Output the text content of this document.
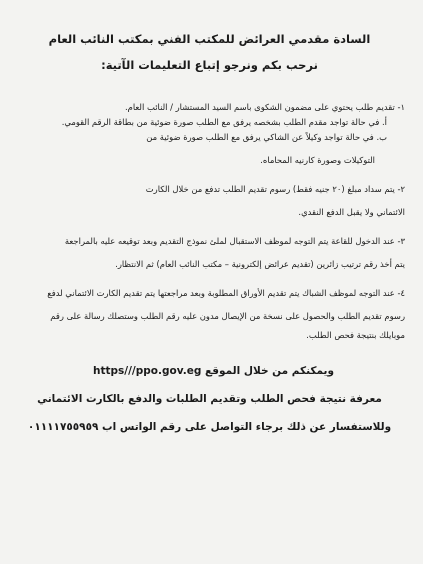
السادة مقدمي العرائض للمكتب الفني بمكتب النائب العام
نرحب بكم ونرجو إتباع التعليمات الآتية:

١- تقديم طلب يحتوي على مضمون الشكوى باسم السيد المستشار / النائب العام.

أ. في حالة تواجد مقدم الطلب بشخصه يرفق مع الطلب صورة ضوئية من بطاقة الرقم القومي.

ب. في حالة تواجد وكيلاً عن الشاكي يرفق مع الطلب صورة ضوئية من

التوكيلات وصورة كارنيه المحاماه.

٢- يتم سداد مبلغ (٢٠ جنيه فقط) رسوم تقديم الطلب تدفع من خلال الكارت

الائتماني ولا يقبل الدفع النقدي.

٣- عند الدخول للقاعة يتم التوجه لموظف الاستقبال لملئ نموذج التقديم وبعد توقيعه عليه بالمراجعة

يتم أخذ رقم ترتيب زائرين (تقديم عرائض إلكترونية – مكتب النائب العام) ثم الانتظار.

٤- عند التوجه لموظف الشباك يتم تقديم الأوراق المطلوبة وبعد مراجعتها يتم تقديم الكارت الائتماني لدفع

رسوم تقديم الطلب والحصول على نسخة من الإيصال مدون عليه رقم الطلب وستصلك رسالة على رقم

موبايلك بنتيجة فحص الطلب.

ويمكنكم من خلال الموقع https///ppo.gov.eg
معرفة نتيجة فحص الطلب وتقديم الطلبات والدفع بالكارت الائتماني
وللاستفسار عن ذلك برجاء التواصل على رقم الواتس اب ٠١١١١٧٥٥٩٥٩
